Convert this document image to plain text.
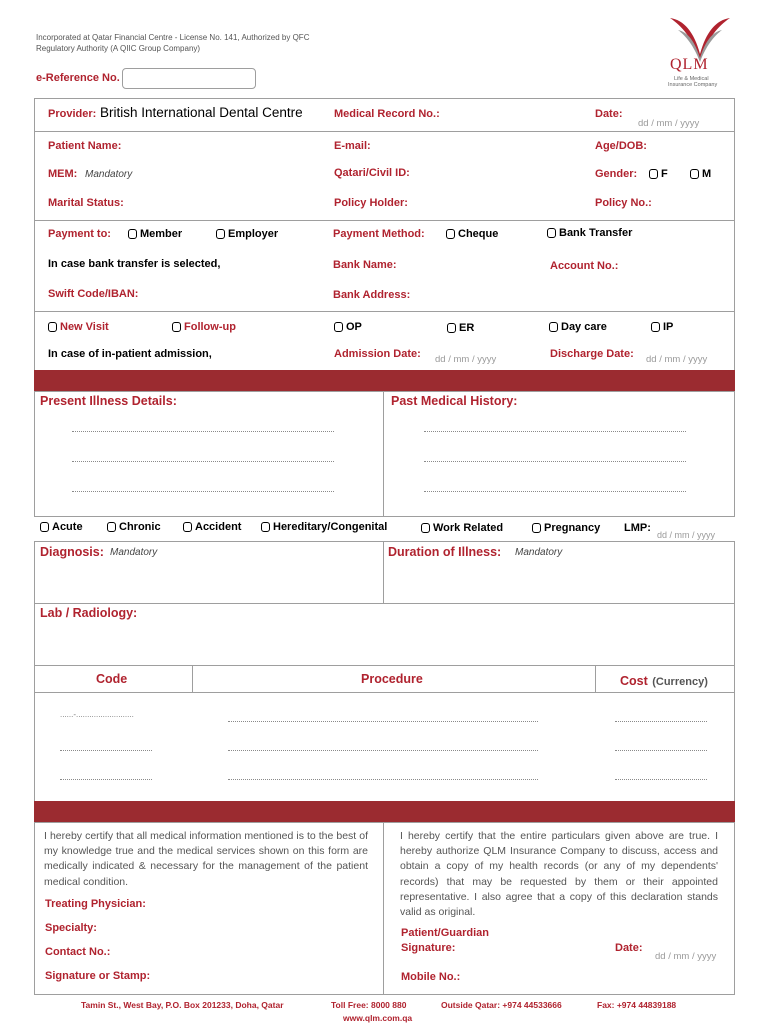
Incorporated at Qatar Financial Centre - License No. 141, Authorized by QFC
Regulatory Authority (A QIIC Group Company)
e-Reference No.
QLM
Life & Medical
Insurance Company
Provider: British International Dental Centre	Medical Record No.:	Date:
dd / mm / yyyy
Patient Name:	E-mail:	Age/DOB:
MEM: Mandatory	Qatari/Civil ID:	Gender:	F	M
Marital Status:	Policy Holder:	Policy No.:
Payment to:	Member	Employer	Payment Method:	Cheque	Bank Transfer
In case bank transfer is selected,	Bank Name:	Account No.:
Swift Code/IBAN:	Bank Address:
New Visit	Follow-up	OP	ER	Day care	IP
In case of in-patient admission,	Admission Date: dd / mm / yyyy	Discharge Date: dd / mm / yyyy
Present Illness Details:	Past Medical History:
Acute	Chronic	Accident	Hereditary/Congenital	Work Related	Pregnancy LMP:
dd / mm / yyyy
Diagnosis: Mandatory	Duration of Illness: Mandatory
Lab / Radiology:
Code	Procedure	Cost (Currency)
......-..........................
I hereby certify that all medical information mentioned is to the best of my knowledge true and the medical services shown on this form are medically indicated & necessary for the management of the patient medical condition.
Treating Physician:
Specialty:
Contact No.:
Signature or Stamp:
I hereby certify that the entire particulars given above are true. I hereby authorize QLM Insurance Company to discuss, access and obtain a copy of my health records (or any of my dependents' records) that may be requested by them or their appointed representative. I also agree that a copy of this declaration stands valid as original.
Patient/Guardian
Signature:	Date:
dd / mm / yyyy
Mobile No.:
Tamin St., West Bay, P.O. Box 201233, Doha, Qatar	Toll Free: 8000 880	Outside Qatar: +974 44533666	Fax: +974 44839188
www.qlm.com.qa
